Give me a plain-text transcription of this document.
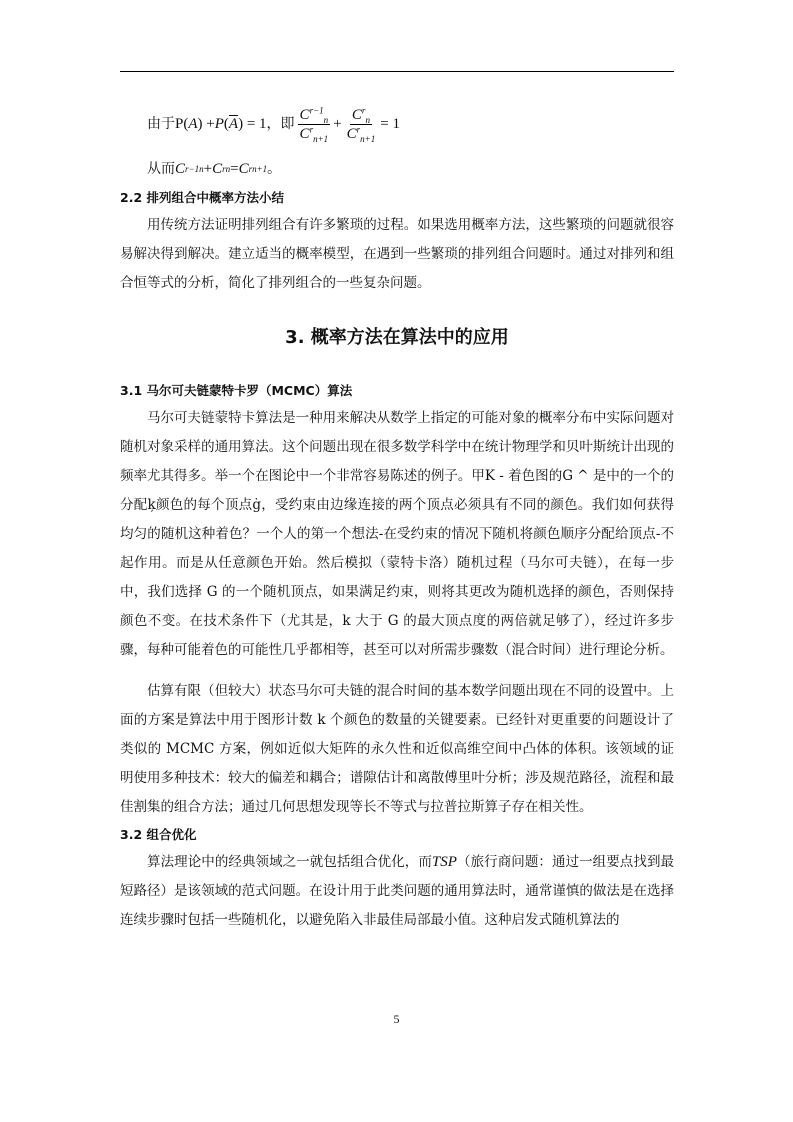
由于 P( A ) + P ( $\overline{A}$ ) = 1 ，即 $\frac{C^{r-1}_n}{C^r_{n+1}} + \frac{C^r_n}{C^r_{n+1}} = 1$
从而 C r−1 n + C r n = C r n+1 。
2.2 排列组合中概率方法小结

用传统方法证明排列组合有许多繁琐的过程。如果选用概率方法，这些繁琐的问题就很容易解决得到解决。建立适当的概率模型，在遇到一些繁琐的排列组合问题时。通过对排列和组合恒等式的分析，简化了排列组合的一些复杂问题。

3. 概率方法在算法中的应用
3.1 马尔可夫链蒙特卡罗（MCMC）算法

马尔可夫链蒙特卡算法是一种用来解决从数学上指定的可能对象的概率分布中实际问题对随机对象采样的通用算法。这个问题出现在很多数学科学中在统计物理学和贝叶斯统计出现的频率尤其得多。举一个在图论中一个非常容易陈述的例子。甲K - 着色图的G ^ 是中的一个的分配ķ颜色的每个顶点ġ，受约束由边缘连接的两个顶点必须具有不同的颜色。我们如何获得均匀的随机这种着色？一个人的第一个想法-在受约束的情况下随机将颜色顺序分配给顶点-不起作用。而是从任意颜色开始。然后模拟（蒙特卡洛）随机过程（马尔可夫链），在每一步中，我们选择 G 的一个随机顶点，如果满足约束，则将其更改为随机选择的颜色，否则保持颜色不变。在技术条件下（尤其是，k 大于 G 的最大顶点度的两倍就足够了），经过许多步骤，每种可能着色的可能性几乎都相等，甚至可以对所需步骤数（混合时间）进行理论分析。

估算有限（但较大）状态马尔可夫链的混合时间的基本数学问题出现在不同的设置中。上面的方案是算法中用于图形计数 k 个颜色的数量的关键要素。已经针对更重要的问题设计了类似的 MCMC 方案，例如近似大矩阵的永久性和近似高维空间中凸体的体积。该领域的证明使用多种技术：较大的偏差和耦合；谱隙估计和离散傅里叶分析；涉及规范路径，流程和最佳割集的组合方法；通过几何思想发现等长不等式与拉普拉斯算子存在相关性。

3.2 组合优化

算法理论中的经典领域之一就包括组合优化，而TSP（旅行商问题：通过一组要点找到最短路径）是该领域的范式问题。在设计用于此类问题的通用算法时，通常谨慎的做法是在选择连续步骤时包括一些随机化，以避免陷入非最佳局部最小值。这种启发式随机算法的

5
